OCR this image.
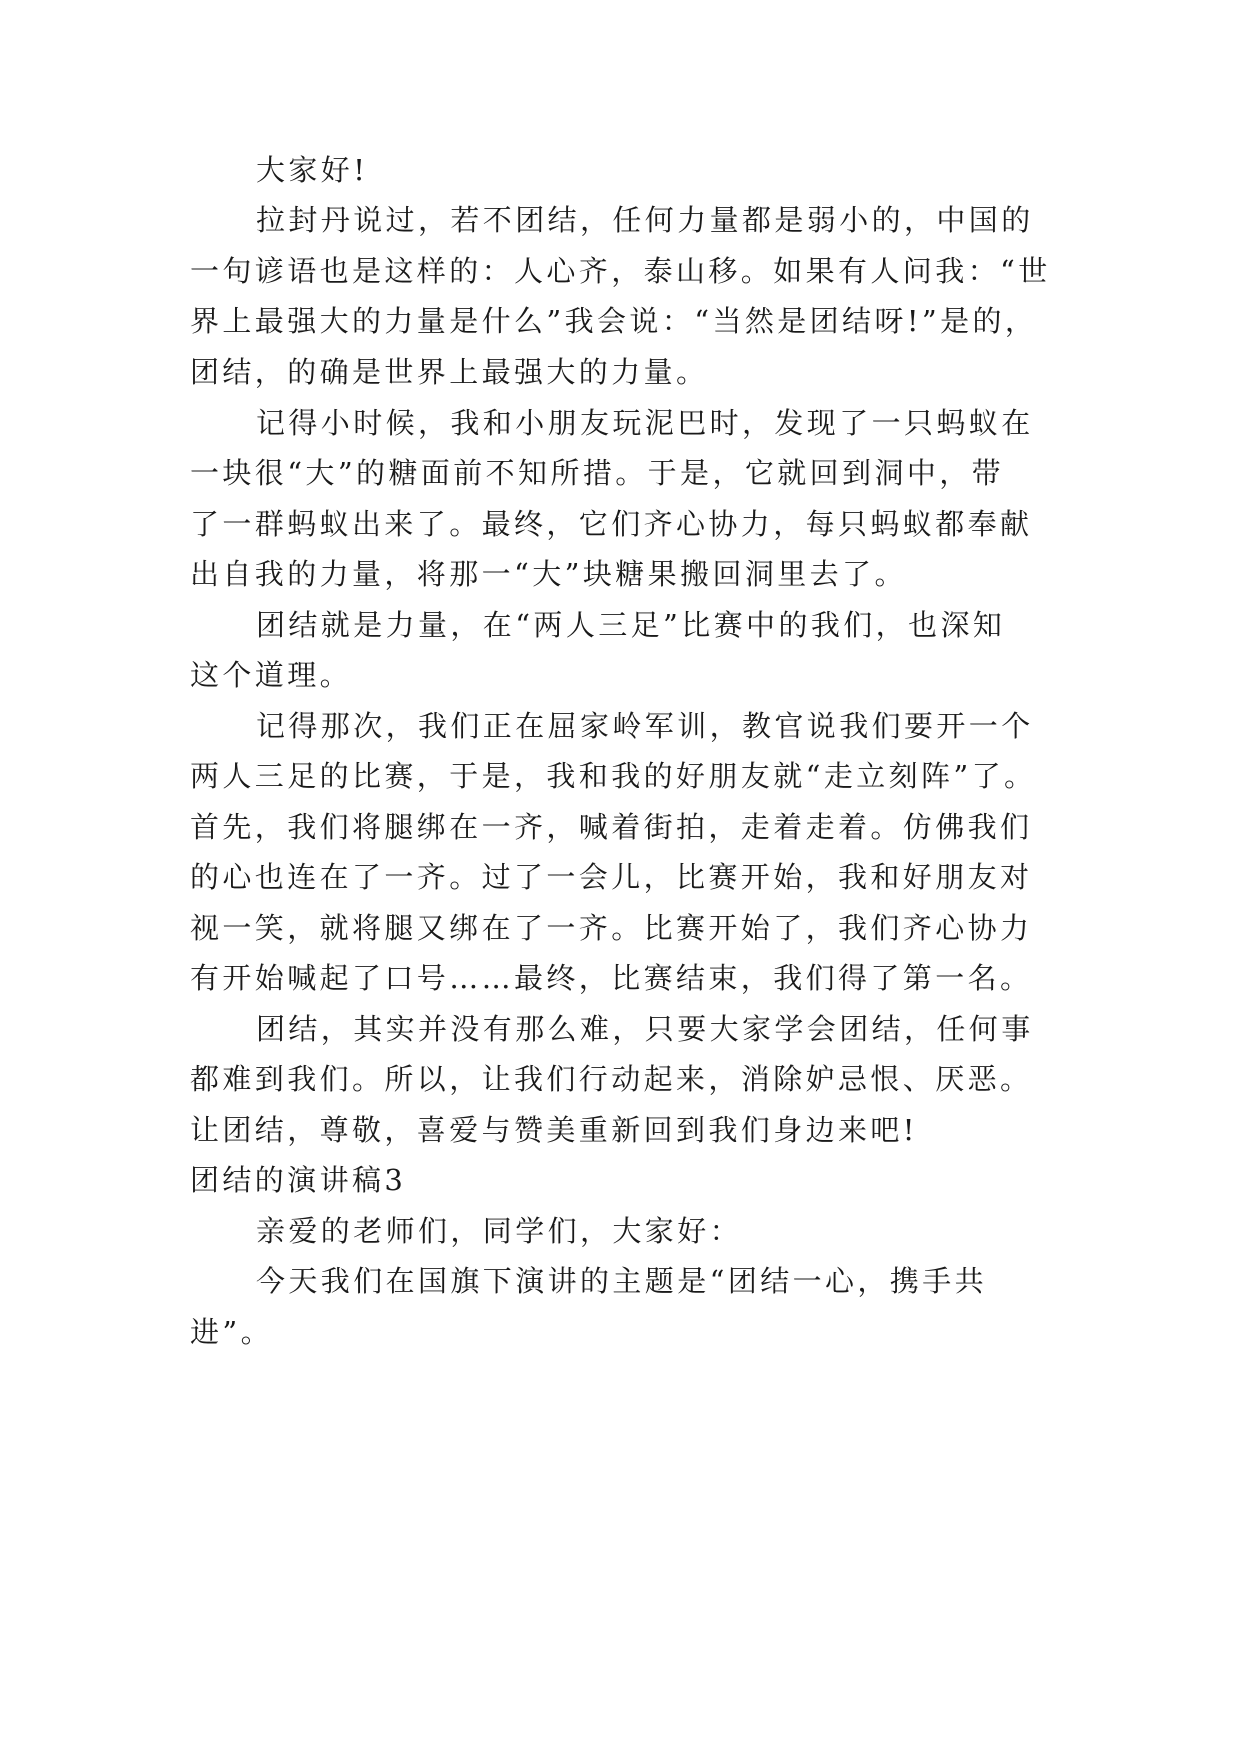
大家好!
拉封丹说过，若不团结，任何力量都是弱小的，中国的
一句谚语也是这样的：人心齐，泰山移。如果有人问我：“世
界上最强大的力量是什么”我会说：“当然是团结呀!”是的，
团结，的确是世界上最强大的力量。
记得小时候，我和小朋友玩泥巴时，发现了一只蚂蚁在
一块很“大”的糖面前不知所措。于是，它就回到洞中，带
了一群蚂蚁出来了。最终，它们齐心协力，每只蚂蚁都奉献
出自我的力量，将那一“大”块糖果搬回洞里去了。
团结就是力量，在“两人三足”比赛中的我们，也深知
这个道理。
记得那次，我们正在屈家岭军训，教官说我们要开一个
两人三足的比赛，于是，我和我的好朋友就“走立刻阵”了。
首先，我们将腿绑在一齐，喊着街拍，走着走着。仿佛我们
的心也连在了一齐。过了一会儿，比赛开始，我和好朋友对
视一笑，就将腿又绑在了一齐。比赛开始了，我们齐心协力
有开始喊起了口号……最终，比赛结束，我们得了第一名。
团结，其实并没有那么难，只要大家学会团结，任何事
都难到我们。所以，让我们行动起来，消除妒忌恨、厌恶。
让团结，尊敬，喜爱与赞美重新回到我们身边来吧!
团结的演讲稿3
亲爱的老师们，同学们，大家好：
今天我们在国旗下演讲的主题是“团结一心，携手共
进”。
